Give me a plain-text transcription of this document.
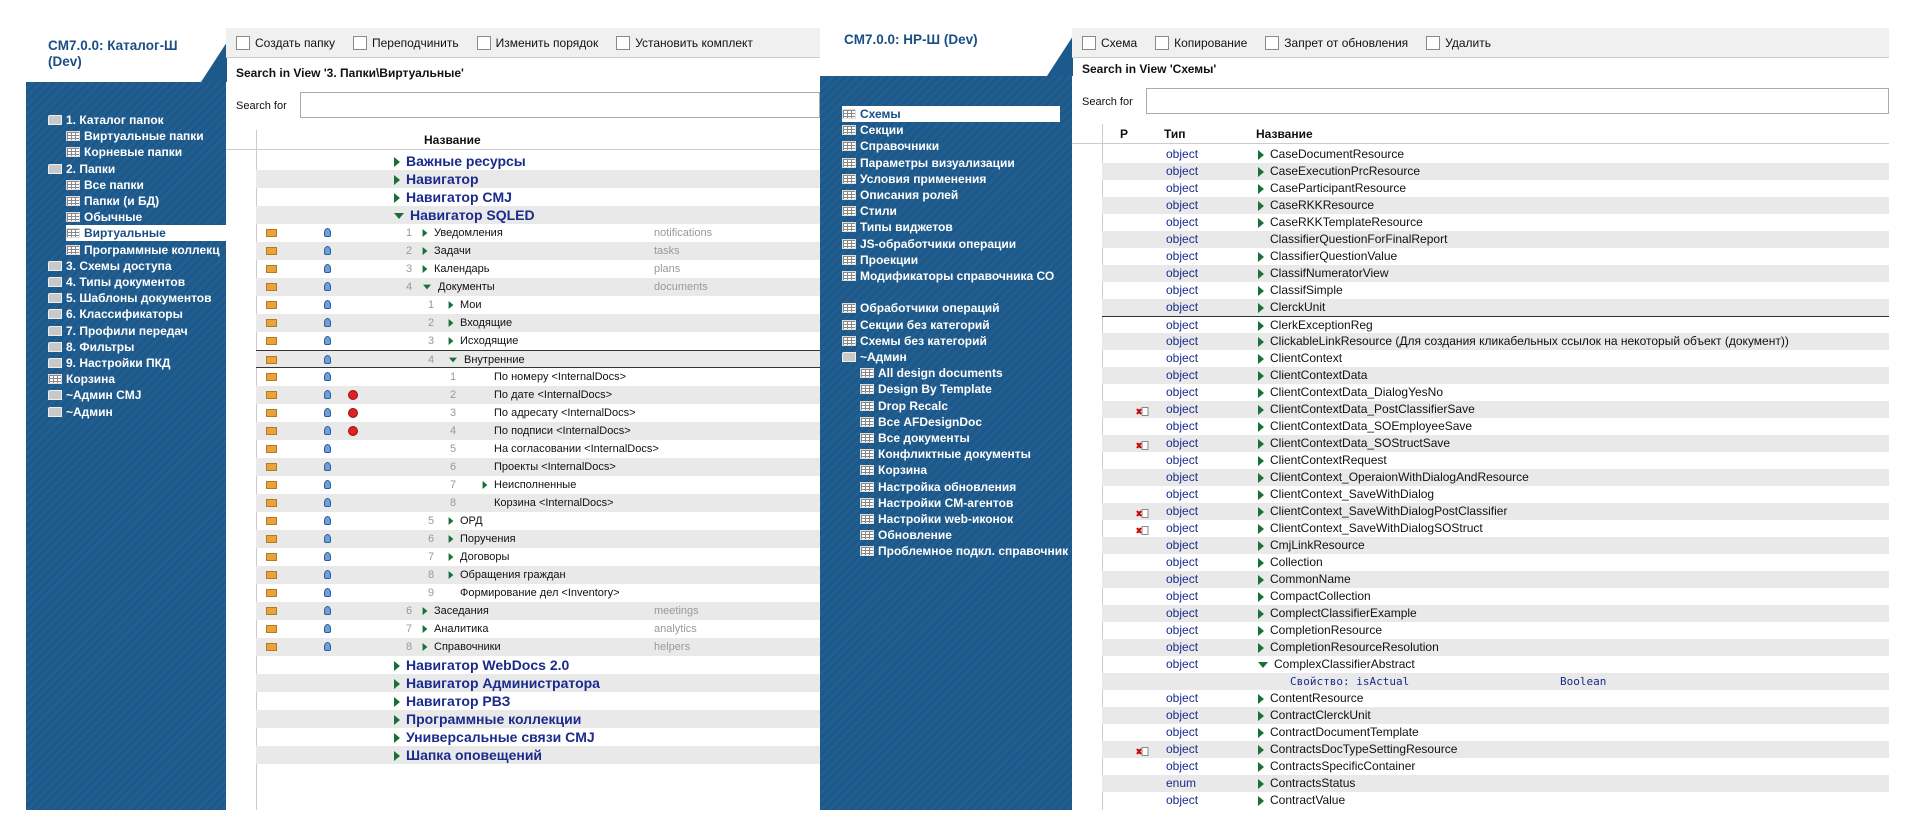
CM7.0.0: Каталог-Ш (Dev)
1. Каталог папок
Виртуальные папки
Корневые папки
2. Папки
Все папки
Папки (и БД)
Обычные
Виртуальные
Программные коллекц
3. Схемы доступа
4. Типы документов
5. Шаблоны документов
6. Классификаторы
7. Профили передач
8. Фильтры
9. Настройки ПКД
Корзина
~Админ CMJ
~Админ
Создать папку	Переподчинить	Изменить порядок	Установить комплект
Search in View '3. Папки\Виртуальные'
Search for
Название
Важные ресурсы
Навигатор
Навигатор CMJ
Навигатор SQLED
1	Уведомления	notifications
2	Задачи	tasks
3	Календарь	plans
4	Документы	documents
1	Мои
2	Входящие
3	Исходящие
4	Внутренние
1	По номеру <InternalDocs>
2	По дате <InternalDocs>
3	По адресату <InternalDocs>
4	По подписи <InternalDocs>
5	На согласовании <InternalDocs>
6	Проекты <InternalDocs>
7	Неисполненные
8	Корзина <InternalDocs>
5	ОРД
6	Поручения
7	Договоры
8	Обращения граждан
9	Формирование дел <Inventory>
6	Заседания	meetings
7	Аналитика	analytics
8	Справочники	helpers
Навигатор WebDocs 2.0
Навигатор Администратора
Навигатор РВЗ
Программные коллекции
Универсальные связи CMJ
Шапка оповещений
CM7.0.0: НР-Ш (Dev)
Схемы
Секции
Справочники
Параметры визуализации
Условия применения
Описания ролей
Стили
Типы виджетов
JS-обработчики операции
Проекции
Модификаторы справочника СО
Обработчики операций
Секции без категорий
Схемы без категорий
~Админ
All design documents
Design By Template
Drop Recalc
Все AFDesignDoc
Все документы
Конфликтные документы
Корзина
Настройка обновления
Настройки CM-агентов
Настройки web-иконок
Обновление
Проблемное подкл. справочник
Схема	Копирование	Запрет от обновления	Удалить
Search in View 'Схемы'
Search for
P	Тип	Название
object	CaseDocumentResource
object	CaseExecutionPrcResource
object	CaseParticipantResource
object	CaseRKKResource
object	CaseRKKTemplateResource
object	ClassifierQuestionForFinalReport
object	ClassifierQuestionValue
object	ClassifNumeratorView
object	ClassifSimple
object	ClerckUnit
object	ClerkExceptionReg
object	ClickableLinkResource (Для создания кликабельных ссылок на некоторый объект (документ))
object	ClientContext
object	ClientContextData
object	ClientContextData_DialogYesNo
object	ClientContextData_PostClassifierSave
object	ClientContextData_SOEmployeeSave
object	ClientContextData_SOStructSave
object	ClientContextRequest
object	ClientContext_OperaionWithDialogAndResource
object	ClientContext_SaveWithDialog
object	ClientContext_SaveWithDialogPostClassifier
object	ClientContext_SaveWithDialogSOStruct
object	CmjLinkResource
object	Collection
object	CommonName
object	CompactCollection
object	ComplectClassifierExample
object	CompletionResource
object	CompletionResourceResolution
object	ComplexClassifierAbstract
Свойство: isActual	Boolean
object	ContentResource
object	ContractClerckUnit
object	ContractDocumentTemplate
object	ContractsDocTypeSettingResource
object	ContractsSpecificContainer
enum	ContractsStatus
object	ContractValue
